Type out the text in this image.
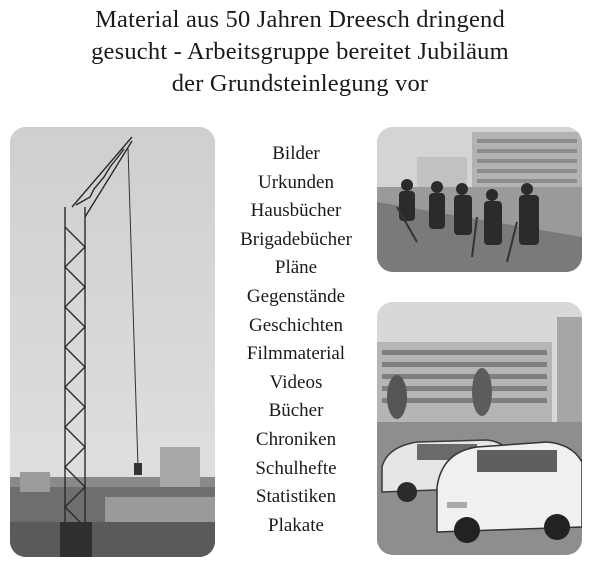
Material aus 50 Jahren Dreesch dringend
gesucht - Arbeitsgruppe bereitet Jubiläum
der Grundsteinlegung vor
Bilder
Urkunden
Hausbücher
Brigadebücher
Pläne
Gegenstände
Geschichten
Filmmaterial
Videos
Bücher
Chroniken
Schulhefte
Statistiken
Plakate
